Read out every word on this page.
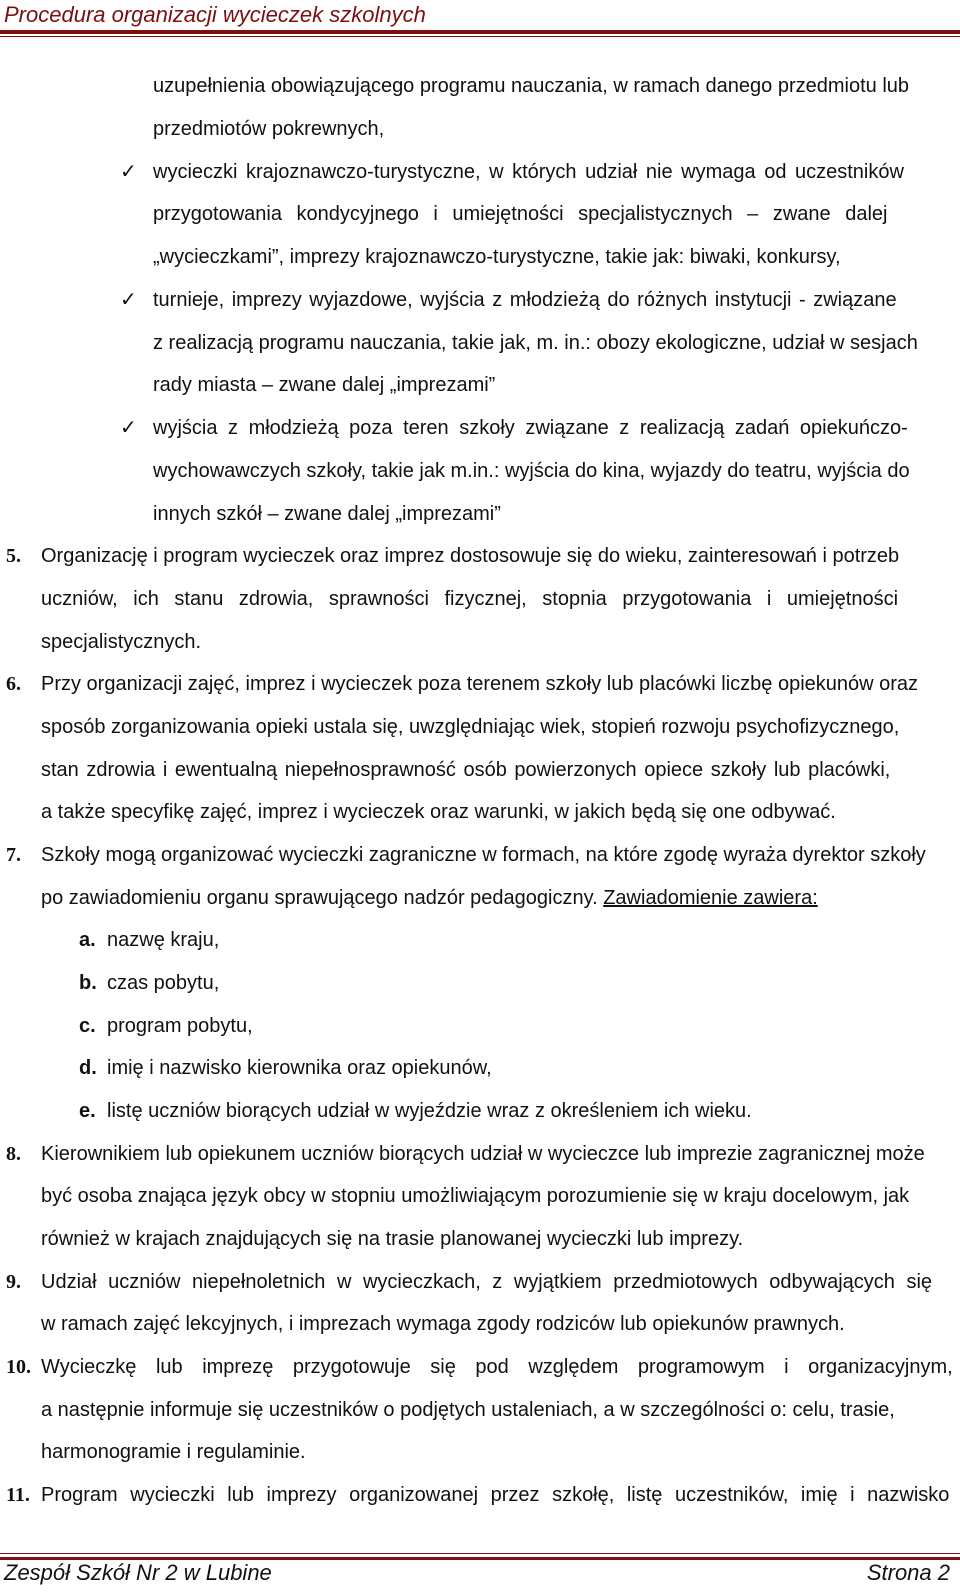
Procedura organizacji wycieczek szkolnych
uzupełnienia obowiązującego programu nauczania, w ramach danego przedmiotu lub
przedmiotów pokrewnych,
✓ wycieczki krajoznawczo-turystyczne, w których udział nie wymaga od uczestników
przygotowania kondycyjnego i umiejętności specjalistycznych – zwane dalej
„wycieczkami”, imprezy krajoznawczo-turystyczne, takie jak: biwaki, konkursy,
✓ turnieje, imprezy wyjazdowe, wyjścia z młodzieżą do różnych instytucji - związane
z realizacją programu nauczania, takie jak, m. in.: obozy ekologiczne, udział w sesjach
rady miasta – zwane dalej „imprezami”
✓ wyjścia z młodzieżą poza teren szkoły związane z realizacją zadań opiekuńczo-
wychowawczych szkoły, takie jak m.in.: wyjścia do kina, wyjazdy do teatru, wyjścia do
innych szkół – zwane dalej „imprezami”
5. Organizację i program wycieczek oraz imprez dostosowuje się do wieku, zainteresowań i potrzeb
uczniów, ich stanu zdrowia, sprawności fizycznej, stopnia przygotowania i umiejętności
specjalistycznych.
6. Przy organizacji zajęć, imprez i wycieczek poza terenem szkoły lub placówki liczbę opiekunów oraz
sposób zorganizowania opieki ustala się, uwzględniając wiek, stopień rozwoju psychofizycznego,
stan zdrowia i ewentualną niepełnosprawność osób powierzonych opiece szkoły lub placówki,
a także specyfikę zajęć, imprez i wycieczek oraz warunki, w jakich będą się one odbywać.
7. Szkoły mogą organizować wycieczki zagraniczne w formach, na które zgodę wyraża dyrektor szkoły
po zawiadomieniu organu sprawującego nadzór pedagogiczny. Zawiadomienie zawiera:
a. nazwę kraju,
b. czas pobytu,
c. program pobytu,
d. imię i nazwisko kierownika oraz opiekunów,
e. listę uczniów biorących udział w wyjeździe wraz z określeniem ich wieku.
8. Kierownikiem lub opiekunem uczniów biorących udział w wycieczce lub imprezie zagranicznej może
być osoba znająca język obcy w stopniu umożliwiającym porozumienie się w kraju docelowym, jak
również w krajach znajdujących się na trasie planowanej wycieczki lub imprezy.
9. Udział uczniów niepełnoletnich w wycieczkach, z wyjątkiem przedmiotowych odbywających się
w ramach zajęć lekcyjnych, i imprezach wymaga zgody rodziców lub opiekunów prawnych.
10. Wycieczkę lub imprezę przygotowuje się pod względem programowym i organizacyjnym,
a następnie informuje się uczestników o podjętych ustaleniach, a w szczególności o: celu, trasie,
harmonogramie i regulaminie.
11. Program wycieczki lub imprezy organizowanej przez szkołę, listę uczestników, imię i nazwisko
Zespół Szkół Nr 2 w Lubine	Strona 2
